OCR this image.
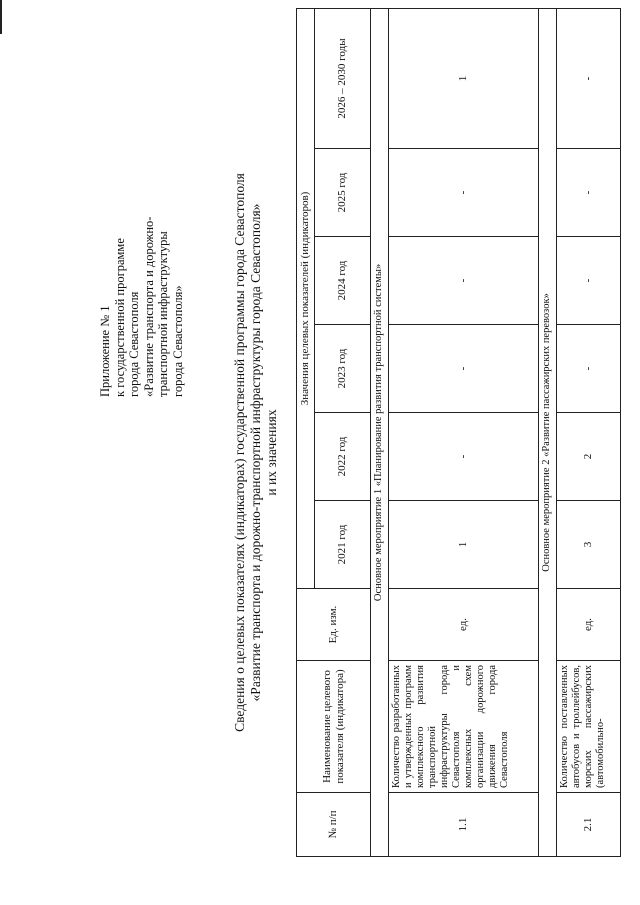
Приложение № 1 к государственной программе города Севастополя «Развитие транспорта и дорожно- транспортной инфраструктуры города Севастополя»	Сведения о целевых показателях (индикаторах) государственной программы города Севастополя «Развитие транспорта и дорожно-транспортной инфраструктуры города Севастополя» и их значениях
№ п/п	Наименование целевого показателя (индикатора)	Ед. изм.	Значения целевых показателей (индикаторов)					
			2021 год	2022 год	2023 год	2024 год	2025 год	2026 – 2030 годы
Основное мероприятие 1 «Планирование развития транспортной системы»								
1.1	Количество разработанных и утвержденных программ комплексного развития транспортной инфраструктуры города Севастополя и комплексных схем организации дорожного движения города Севастополя	ед.	1	-	-	-	-	1
Основное мероприятие 2 «Развитие пассажирских перевозок»								
2.1	Количество поставленных автобусов и троллейбусов, морских пассажирских (автомобильно-	ед.	3	2	-	-	-	-
